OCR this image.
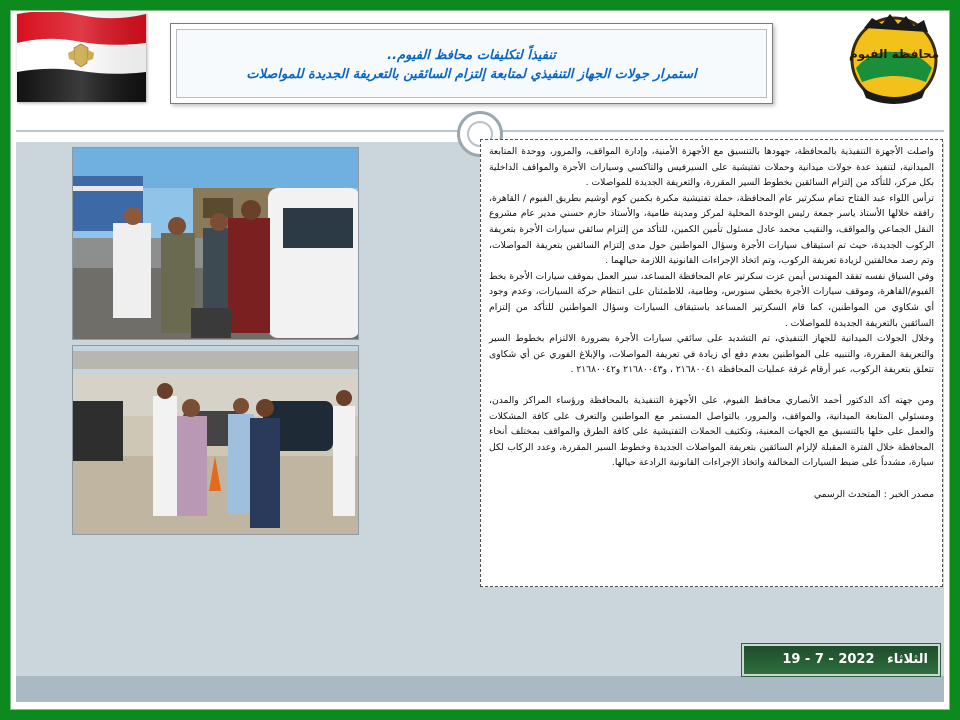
تنفيذاً لتكليفات محافظ الفيوم..
استمرار جولات الجهاز التنفيذي لمتابعة إلتزام السائقين بالتعريفة الجديدة للمواصلات
محافظة الفيوم

واصلت الأجهزة التنفيذية بالمحافظة، جهودها بالتنسيق مع الأجهزة الأمنية، وإدارة المواقف، والمرور، ووحدة المتابعة الميدانية، لتنفيذ عدة جولات ميدانية وحملات تفتيشية على السيرفيس والتاكسي وسيارات الأجرة والمواقف الداخلية بكل مركز، للتأكد من إلتزام السائقين بخطوط السير المقررة، والتعريفة الجديدة للمواصلات .

ترأس اللواء عبد الفتاح تمام سكرتير عام المحافظة، حملة تفتيشية مكبرة بكمين كوم أوشيم بطريق الفيوم / القاهرة، رافقه خلالها الأستاذ ياسر جمعة رئيس الوحدة المحلية لمركز ومدينة طامية، والأستاذ حازم حسني مدير عام مشروع النقل الجماعي والمواقف، والنقيب محمد عادل مسئول تأمين الكمين، للتأكد من إلتزام سائقي سيارات الأجرة بتعريفة الركوب الجديدة، حيث تم استيقاف سيارات الأجرة وسؤال المواطنين حول مدى إلتزام السائقين بتعريفة المواصلات، وتم رصد مخالفتين لزيادة تعريفة الركوب، وتم اتخاذ الإجراءات القانونية اللازمة حيالهما .

وفي السياق نفسه تفقد المهندس أيمن عزت سكرتير عام المحافظة المساعد، سير العمل بموقف سيارات الأجرة بخط الفيوم/القاهرة، وموقف سيارات الأجرة بخطي سنورس، وطامية، للاطمئنان على انتظام حركة السيارات، وعدم وجود أي شكاوي من المواطنين، كما قام السكرتير المساعد باستيقاف السيارات وسؤال المواطنين للتأكد من إلتزام السائقين بالتعريفة الجديدة للمواصلات .

وخلال الجولات الميدانية للجهاز التنفيذي، تم التشديد على سائقي سيارات الأجرة بضرورة الالتزام بخطوط السير والتعريفة المقررة، والتنبيه على المواطنين بعدم دفع أي زيادة في تعريفة المواصلات، والإبلاغ الفوري عن أي شكاوى تتعلق بتعريفة الركوب، عبر أرقام غرفة عمليات المحافظة ٢١٦٨٠٠٤١ ، و٢١٦٨٠٠٤٣ و٢١٦٨٠٠٤٢ .

ومن جهته أكد الدكتور أحمد الأنصاري محافظ الفيوم، على الأجهزة التنفيذية بالمحافظة ورؤساء المراكز والمدن، ومسئولي المتابعة الميدانية، والمواقف، والمرور، بالتواصل المستمر مع المواطنين والتعرف على كافة المشكلات والعمل على حلها بالتنسيق مع الجهات المعنية، وتكثيف الحملات التفتيشية على كافة الطرق والمواقف بمختلف أنحاء المحافظة خلال الفترة المقبلة لإلزام السائقين بتعريفة المواصلات الجديدة وخطوط السير المقررة، وعدد الركاب لكل سيارة، مشدداً على ضبط السيارات المخالفة واتخاذ الإجراءات القانونية الرادعة حيالها.

مصدر الخبر : المتحدث الرسمي

الثلاثاء 19 - 7 - 2022
